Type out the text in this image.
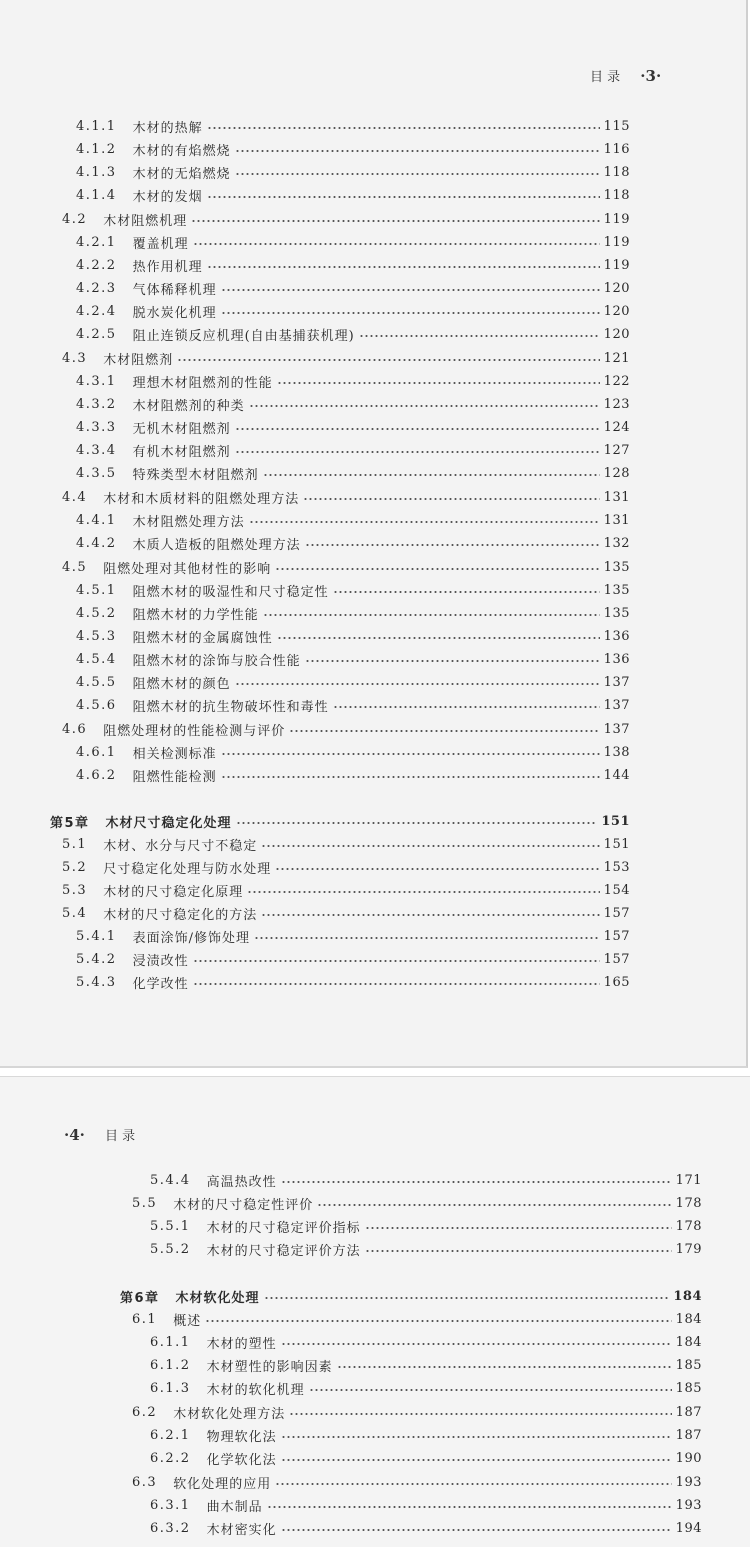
目 录 ·3·
4.1.1 木材的热解	115
4.1.2 木材的有焰燃烧	116
4.1.3 木材的无焰燃烧	118
4.1.4 木材的发烟	118
4.2 木材阻燃机理	119
4.2.1 覆盖机理	119
4.2.2 热作用机理	119
4.2.3 气体稀释机理	120
4.2.4 脱水炭化机理	120
4.2.5 阻止连锁反应机理(自由基捕获机理)	120
4.3 木材阻燃剂	121
4.3.1 理想木材阻燃剂的性能	122
4.3.2 木材阻燃剂的种类	123
4.3.3 无机木材阻燃剂	124
4.3.4 有机木材阻燃剂	127
4.3.5 特殊类型木材阻燃剂	128
4.4 木材和木质材料的阻燃处理方法	131
4.4.1 木材阻燃处理方法	131
4.4.2 木质人造板的阻燃处理方法	132
4.5 阻燃处理对其他材性的影响	135
4.5.1 阻燃木材的吸湿性和尺寸稳定性	135
4.5.2 阻燃木材的力学性能	135
4.5.3 阻燃木材的金属腐蚀性	136
4.5.4 阻燃木材的涂饰与胶合性能	136
4.5.5 阻燃木材的颜色	137
4.5.6 阻燃木材的抗生物破坏性和毒性	137
4.6 阻燃处理材的性能检测与评价	137
4.6.1 相关检测标准	138
4.6.2 阻燃性能检测	144
第5章 木材尺寸稳定化处理	151
5.1 木材、水分与尺寸不稳定	151
5.2 尺寸稳定化处理与防水处理	153
5.3 木材的尺寸稳定化原理	154
5.4 木材的尺寸稳定化的方法	157
5.4.1 表面涂饰/修饰处理	157
5.4.2 浸渍改性	157
5.4.3 化学改性	165
·4· 目 录
5.4.4 高温热改性	171
5.5 木材的尺寸稳定性评价	178
5.5.1 木材的尺寸稳定评价指标	178
5.5.2 木材的尺寸稳定评价方法	179
第6章 木材软化处理	184
6.1 概述	184
6.1.1 木材的塑性	184
6.1.2 木材塑性的影响因素	185
6.1.3 木材的软化机理	185
6.2 木材软化处理方法	187
6.2.1 物理软化法	187
6.2.2 化学软化法	190
6.3 软化处理的应用	193
6.3.1 曲木制品	193
6.3.2 木材密实化	194
